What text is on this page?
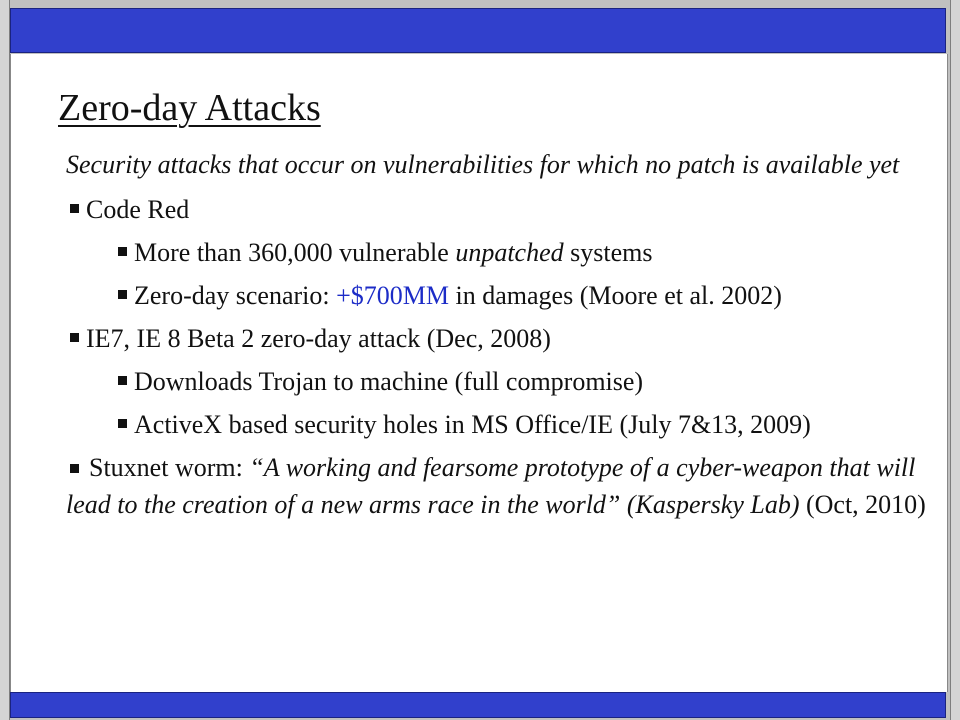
Zero-day Attacks
Security attacks that occur on vulnerabilities for which no patch is available yet
Code Red
More than 360,000 vulnerable unpatched systems
Zero-day scenario: +$700MM in damages (Moore et al. 2002)
IE7, IE 8 Beta 2 zero-day attack (Dec, 2008)
Downloads Trojan to machine (full compromise)
ActiveX based security holes in MS Office/IE (July 7&13, 2009)
Stuxnet worm: “A working and fearsome prototype of a cyber-weapon that will lead to the creation of a new arms race in the world” (Kaspersky Lab) (Oct, 2010)
